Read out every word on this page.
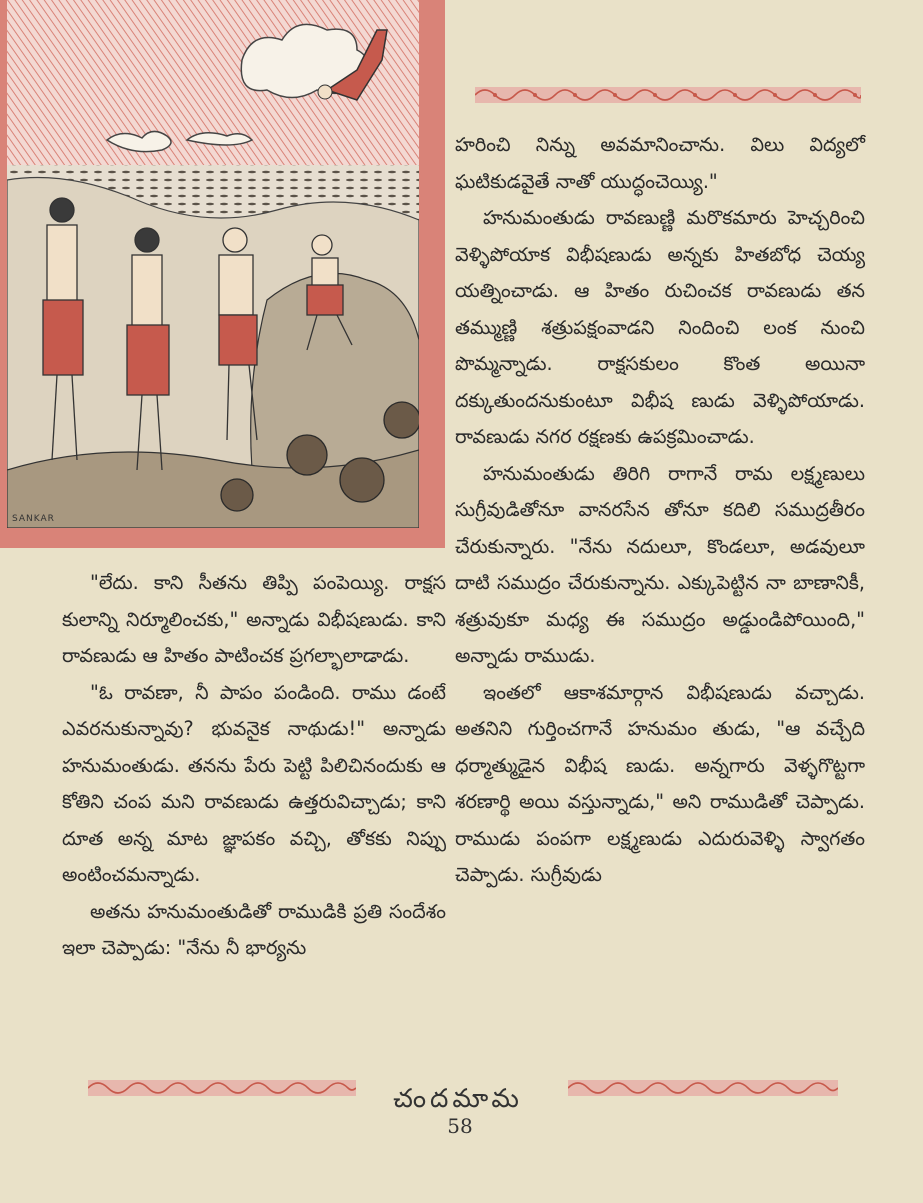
SANKAR

"లేదు. కాని సీతను తిప్పి పంపెయ్యి. రాక్షస కులాన్ని నిర్మూలించకు," అన్నాడు విభీషణుడు. కాని రావణుడు ఆ హితం పాటించక ప్రగల్భాలాడాడు.

"ఓ రావణా, నీ పాపం పండింది. రాము డంటే ఎవరనుకున్నావు? భువనైక నాథుడు!" అన్నాడు హనుమంతుడు. తనను పేరు పెట్టి పిలిచినందుకు ఆ కోతిని చంప మని రావణుడు ఉత్తరువిచ్చాడు; కాని దూత అన్న మాట జ్ఞాపకం వచ్చి, తోకకు నిప్పు అంటించమన్నాడు.

అతను హనుమంతుడితో రాముడికి ప్రతి సందేశం ఇలా చెప్పాడు: "నేను నీ భార్యను

హరించి నిన్ను అవమానించాను. విలు విద్యలో ఘటికుడవైతే నాతో యుద్ధంచెయ్యి."

హనుమంతుడు రావణుణ్ణి మరొకమారు హెచ్చరించి వెళ్ళిపోయాక విభీషణుడు అన్నకు హితబోధ చెయ్య యత్నించాడు. ఆ హితం రుచించక రావణుడు తన తమ్ముణ్ణి శత్రుపక్షంవాడని నిందించి లంక నుంచి పొమ్మన్నాడు. రాక్షసకులం కొంత అయినా దక్కుతుందనుకుంటూ విభీష ణుడు వెళ్ళిపోయాడు. రావణుడు నగర రక్షణకు ఉపక్రమించాడు.

హనుమంతుడు తిరిగి రాగానే రామ లక్ష్మణులు సుగ్రీవుడితోనూ వానరసేన తోనూ కదిలి సముద్రతీరం చేరుకున్నారు. "నేను నదులూ, కొండలూ, అడవులూ దాటి సముద్రం చేరుకున్నాను. ఎక్కుపెట్టిన నా బాణానికీ, శత్రువుకూ మధ్య ఈ సముద్రం అడ్డుండిపోయింది," అన్నాడు రాముడు.

ఇంతలో ఆకాశమార్గాన విభీషణుడు వచ్చాడు. అతనిని గుర్తించగానే హనుమం తుడు, "ఆ వచ్చేది ధర్మాత్ముడైన విభీష ణుడు. అన్నగారు వెళ్ళగొట్టగా శరణార్థి అయి వస్తున్నాడు," అని రాముడితో చెప్పాడు. రాముడు పంపగా లక్ష్మణుడు ఎదురువెళ్ళి స్వాగతం చెప్పాడు. సుగ్రీవుడు

చందమామ
58
